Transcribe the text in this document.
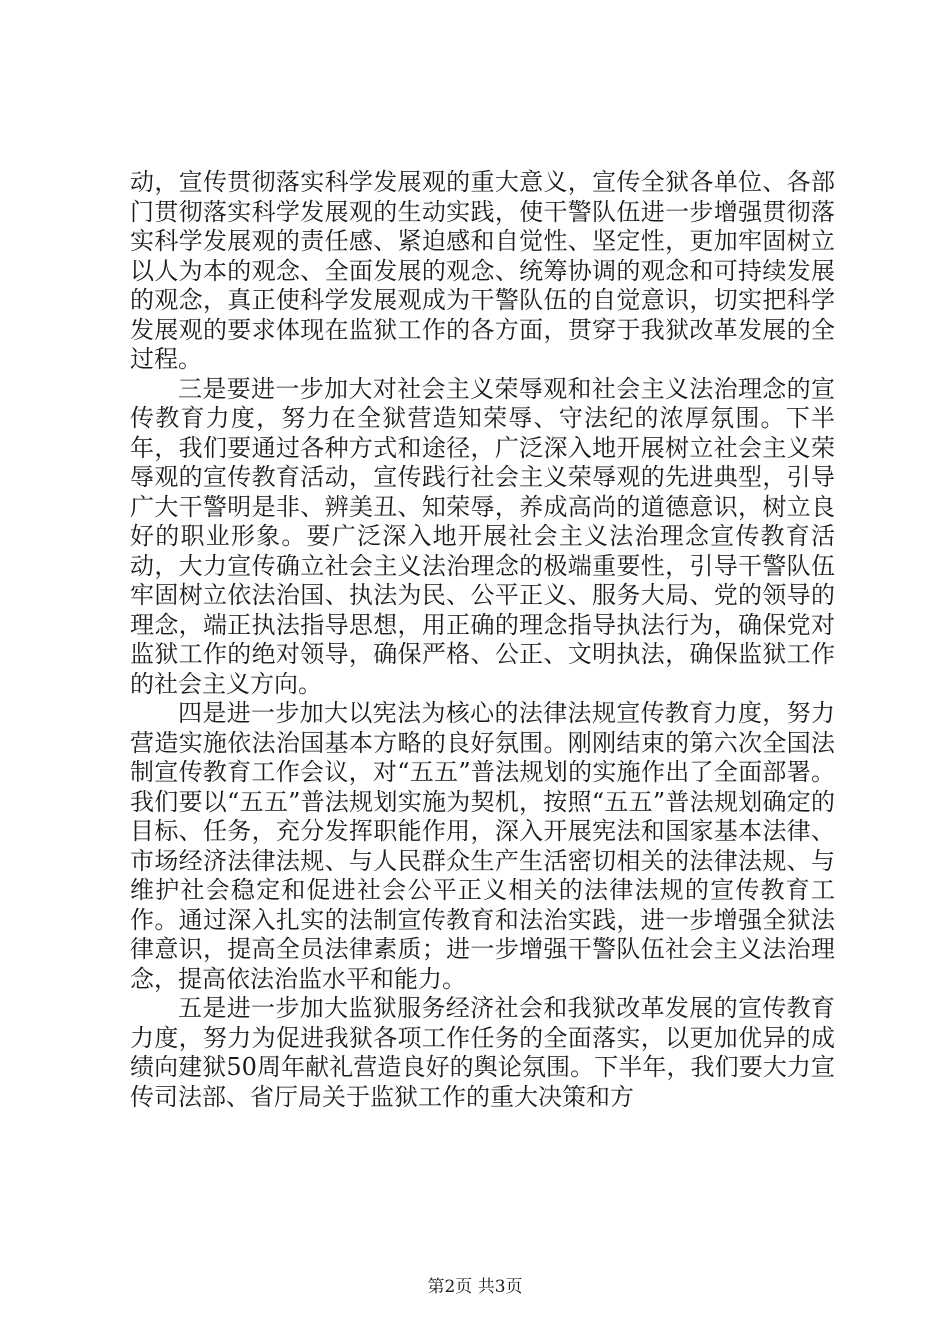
动，宣传贯彻落实科学发展观的重大意义，宣传全狱各单位、各部门贯彻落实科学发展观的生动实践，使干警队伍进一步增强贯彻落实科学发展观的责任感、紧迫感和自觉性、坚定性，更加牢固树立以人为本的观念、全面发展的观念、统筹协调的观念和可持续发展的观念，真正使科学发展观成为干警队伍的自觉意识，切实把科学发展观的要求体现在监狱工作的各方面，贯穿于我狱改革发展的全过程。

三是要进一步加大对社会主义荣辱观和社会主义法治理念的宣传教育力度，努力在全狱营造知荣辱、守法纪的浓厚氛围。下半年，我们要通过各种方式和途径，广泛深入地开展树立社会主义荣辱观的宣传教育活动，宣传践行社会主义荣辱观的先进典型，引导广大干警明是非、辨美丑、知荣辱，养成高尚的道德意识，树立良好的职业形象。要广泛深入地开展社会主义法治理念宣传教育活动，大力宣传确立社会主义法治理念的极端重要性，引导干警队伍牢固树立依法治国、执法为民、公平正义、服务大局、党的领导的理念，端正执法指导思想，用正确的理念指导执法行为，确保党对监狱工作的绝对领导，确保严格、公正、文明执法，确保监狱工作的社会主义方向。

四是进一步加大以宪法为核心的法律法规宣传教育力度，努力营造实施依法治国基本方略的良好氛围。刚刚结束的第六次全国法制宣传教育工作会议，对“五五”普法规划的实施作出了全面部署。我们要以“五五”普法规划实施为契机，按照“五五”普法规划确定的目标、任务，充分发挥职能作用，深入开展宪法和国家基本法律、市场经济法律法规、与人民群众生产生活密切相关的法律法规、与维护社会稳定和促进社会公平正义相关的法律法规的宣传教育工作。通过深入扎实的法制宣传教育和法治实践，进一步增强全狱法律意识，提高全员法律素质；进一步增强干警队伍社会主义法治理念，提高依法治监水平和能力。

五是进一步加大监狱服务经济社会和我狱改革发展的宣传教育力度，努力为促进我狱各项工作任务的全面落实，以更加优异的成绩向建狱50周年献礼营造良好的舆论氛围。下半年，我们要大力宣传司法部、省厅局关于监狱工作的重大决策和方

第2页 共3页
